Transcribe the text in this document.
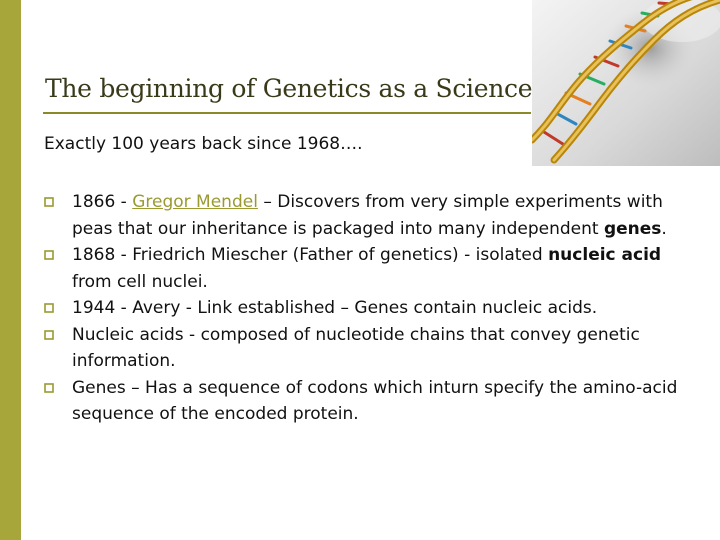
The beginning of Genetics as a Science
Exactly 100 years back since 1968….
1866 - Gregor Mendel – Discovers from very simple experiments with peas that our inheritance is packaged into many independent genes.
1868 - Friedrich Miescher (Father of genetics) - isolated nucleic acid from cell nuclei.
1944 - Avery - Link established – Genes contain nucleic acids.
Nucleic acids - composed of nucleotide chains that convey genetic information.
Genes – Has a sequence of codons which inturn specify the amino-acid sequence of the encoded protein.
